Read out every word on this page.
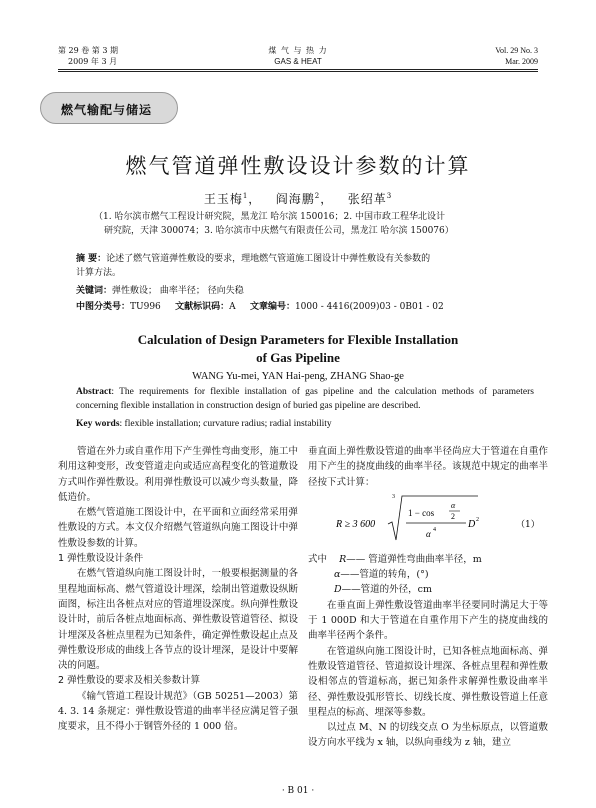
第 29 卷 第 3 期
2009 年 3 月
煤 气 与 热 力
GAS & HEAT
Vol. 29 No. 3
Mar. 2009
燃气输配与储运
燃气管道弹性敷设设计参数的计算
王玉梅$^1$，   阎海鹏$^2$，   张绍革$^3$
（1. 哈尔滨市燃气工程设计研究院，黑龙江 哈尔滨 150016；2. 中国市政工程华北设计
研究院，天津 300074；3. 哈尔滨市中庆燃气有限责任公司，黑龙江 哈尔滨 150076）
摘 要：论述了燃气管道弹性敷设的要求，理地燃气管道施工图设计中弹性敷设有关参数的
计算方法。
关键词：弹性敷设； 曲率半径； 径向失稳
中图分类号：TU996 文献标识码：A 文章编号：1000 - 4416(2009)03 - 0B01 - 02
Calculation of Design Parameters for Flexible Installation
of Gas Pipeline
WANG Yu-mei, YAN Hai-peng, ZHANG Shao-ge
Abstract: The requirements for flexible installation of gas pipeline and the calculation methods of parameters concerning flexible installation in construction design of buried gas pipeline are described.
Key words: flexible installation; curvature radius; radial instability

管道在外力或自重作用下产生弹性弯曲变形，施工中利用这种变形，改变管道走向或适应高程变化的管道敷设方式叫作弹性敷设。利用弹性敷设可以减少弯头数量，降低造价。

在燃气管道施工图设计中，在平面和立面经常采用弹性敷设的方式。本文仅介绍燃气管道纵向施工图设计中弹性敷设参数的计算。

1 弹性敷设设计条件

在燃气管道纵向施工图设计时，一般要根据测量的各里程地面标高、燃气管道设计埋深，绘制出管道敷设纵断面图，标注出各桩点对应的管道埋设深度。纵向弹性敷设设计时，前后各桩点地面标高、弹性敷设管道管径、拟设计埋深及各桩点里程为已知条件，确定弹性敷设起止点及弹性敷设形成的曲线上各节点的设计埋深，是设计中要解决的问题。

2 弹性敷设的要求及相关参数计算

《输气管道工程设计规范》（GB 50251—2003）第 4. 3. 14 条规定：弹性敷设管道的曲率半径应满足管子强度要求，且不得小于钢管外径的 1 000 倍。

垂直面上弹性敷设管道的曲率半径尚应大于管道在自重作用下产生的挠度曲线的曲率半径。该规范中规定的曲率半径按下式计算：

R ≥ 3 600
3
1 − cos
α
2
α 4	D 2	（1）

式中 R—— 管道弹性弯曲曲率半径，m

α——管道的转角，(°)

D——管道的外径，cm

在垂直面上弹性敷设管道曲率半径要同时满足大于等于 1 000D 和大于管道在自重作用下产生的挠度曲线的曲率半径两个条件。

在管道纵向施工图设计时，已知各桩点地面标高、弹性敷设管道管径、管道拟设计埋深、各桩点里程和弹性敷设相邻点的管道标高，据已知条件求解弹性敷设曲率半径、弹性敷设弧形管长、切线长度、弹性敷设管道上任意里程点的标高、埋深等参数。

以过点 M、N 的切线交点 O 为坐标原点，以管道敷设方向水平线为 x 轴，以纵向垂线为 z 轴，建立

· B 01 ·
